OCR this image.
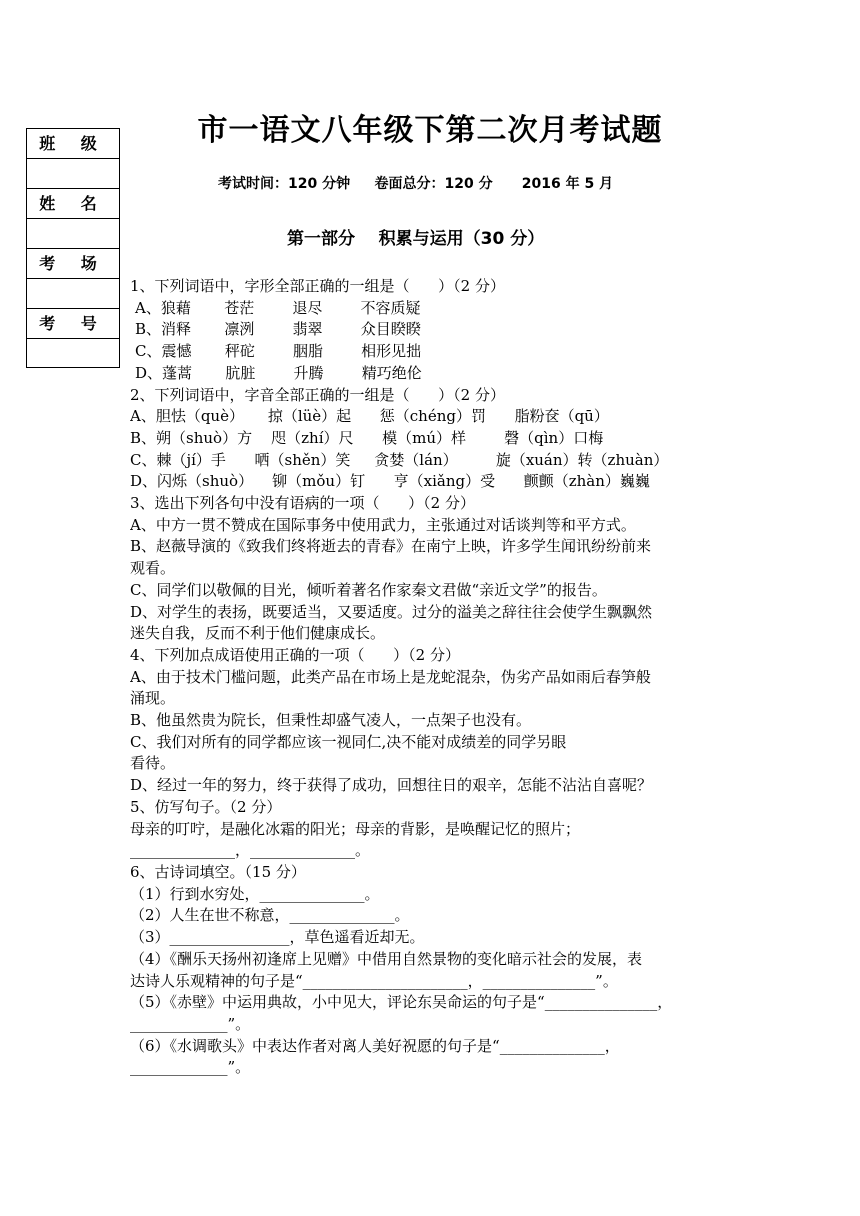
班 级
姓 名
考 场
考 号
市一语文八年级下第二次月考试题
考试时间：120 分钟     卷面总分：120 分      2016 年 5 月
第一部分    积累与运用（30 分）

1、下列词语中，字形全部正确的一组是（      ）（2 分）

A、狼藉       苍茫        退尽        不容质疑

B、消释       凛洌        翡翠        众目睽睽

C、震憾       秤砣        胭脂        相形见拙

D、蓬蒿       肮脏        升腾        精巧绝伦

2、下列词语中，字音全部正确的一组是（      ）（2 分）

A、胆怯（què）     掠（lüè）起      惩（chéng）罚      脂粉奁（qū）

B、朔（shuò）方    咫（zhí）尺      模（mú）样        磬（qìn）口梅

C、棘（jí）手      哂（shěn）笑     贪婪（lán）        旋（xuán）转（zhuàn）

D、闪烁（shuò）    铆（mǒu）钉      亨（xiǎng）受      颤颤（zhàn）巍巍

3、选出下列各句中没有语病的一项（      ）（2 分）

A、中方一贯不赞成在国际事务中使用武力，主张通过对话谈判等和平方式。

B、赵薇导演的《致我们终将逝去的青春》在南宁上映，许多学生闻讯纷纷前来

观看。

C、同学们以敬佩的目光，倾听着著名作家秦文君做“亲近文学”的报告。

D、对学生的表扬，既要适当，又要适度。过分的溢美之辞往往会使学生飘飘然

迷失自我，反而不利于他们健康成长。

4、下列加点成语使用正确的一项（      ）（2 分）

A、由于技术门槛问题，此类产品在市场上是龙蛇混杂，伪劣产品如雨后春笋般

涌现。

B、他虽然贵为院长，但秉性却盛气凌人，一点架子也没有。

C、我们对所有的同学都应该一视同仁,决不能对成绩差的同学另眼

看待。

D、经过一年的努力，终于获得了成功，回想往日的艰辛，怎能不沾沾自喜呢？

5、仿写句子。（2 分）

母亲的叮咛，是融化冰霜的阳光；母亲的背影，是唤醒记忆的照片；

______________，______________。

6、古诗词填空。（15 分）

（1）行到水穷处，______________。

（2）人生在世不称意，______________。

（3）________________，草色遥看近却无。

（4）《酬乐天扬州初逢席上见赠》中借用自然景物的变化暗示社会的发展，表

达诗人乐观精神的句子是“______________________，_______________”。

（5）《赤壁》中运用典故，小中见大，评论东吴命运的句子是“_______________，

_____________”。

（6）《水调歌头》中表达作者对离人美好祝愿的句子是“______________，

_____________”。
